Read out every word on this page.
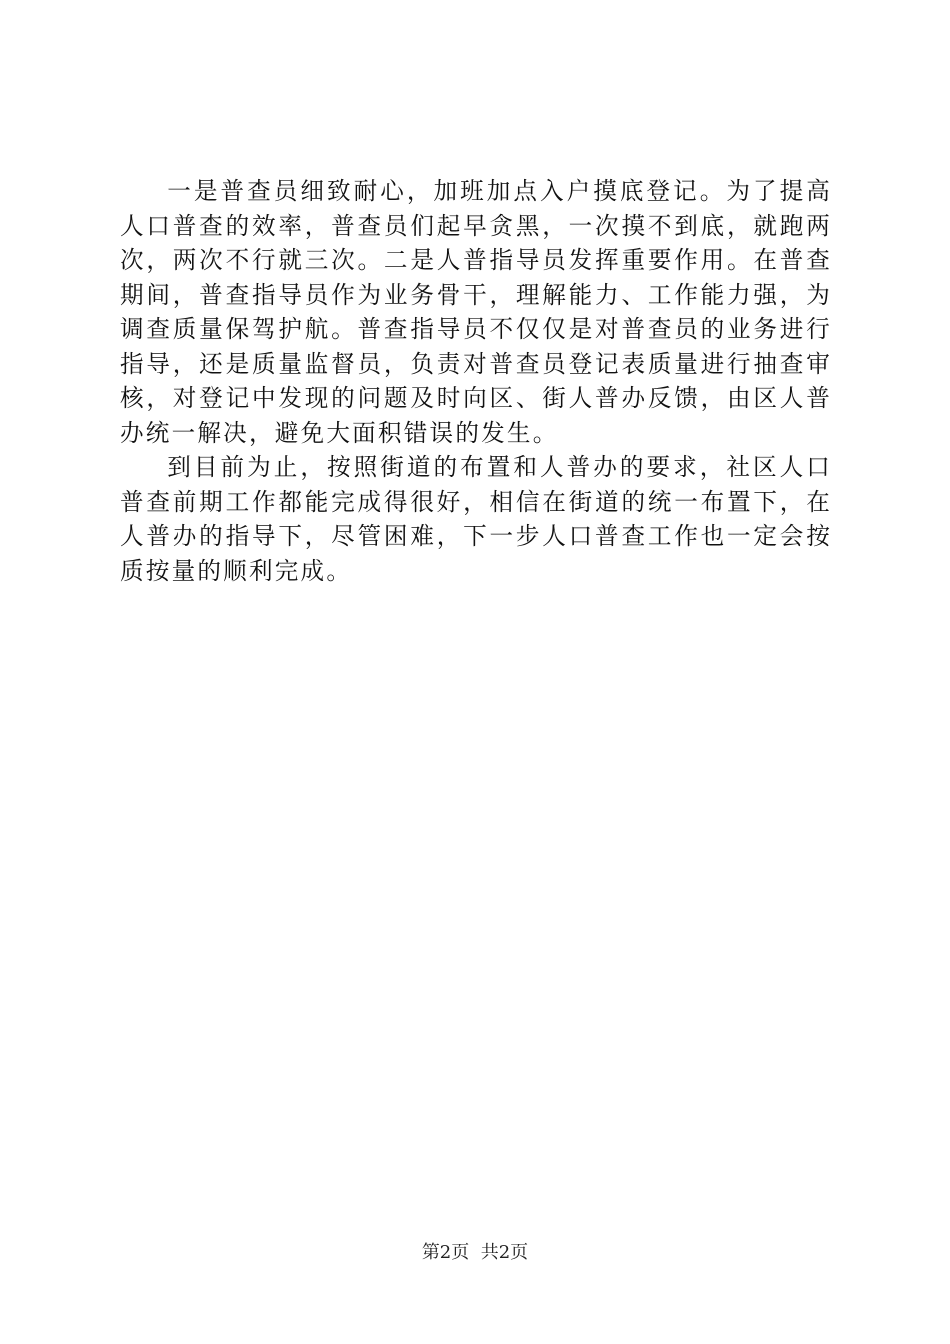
一是普查员细致耐心，加班加点入户摸底登记。为了提高人口普查的效率，普查员们起早贪黑，一次摸不到底，就跑两次，两次不行就三次。二是人普指导员发挥重要作用。在普查期间，普查指导员作为业务骨干，理解能力、工作能力强，为调查质量保驾护航。普查指导员不仅仅是对普查员的业务进行指导，还是质量监督员，负责对普查员登记表质量进行抽查审核，对登记中发现的问题及时向区、街人普办反馈，由区人普办统一解决，避免大面积错误的发生。

到目前为止，按照街道的布置和人普办的要求，社区人口普查前期工作都能完成得很好，相信在街道的统一布置下，在人普办的指导下，尽管困难，下一步人口普查工作也一定会按质按量的顺利完成。

第2页  共2页
